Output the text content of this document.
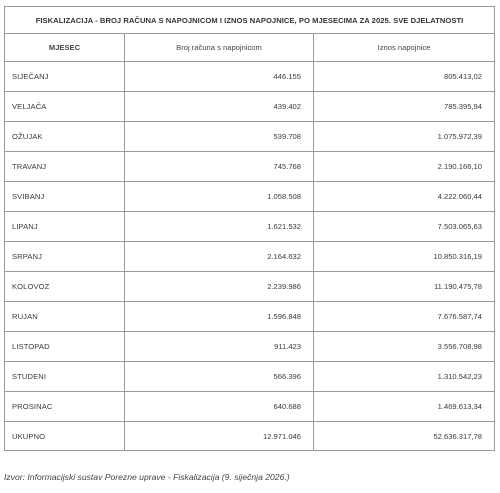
FISKALIZACIJA - BROJ RAČUNA S NAPOJNICOM I IZNOS NAPOJNICE, PO MJESECIMA ZA 2025. SVE DJELATNOSTI		
MJESEC	Broj računa s napojnicom	Iznos napojnice
SIJEČANJ	446.155	805.413,02
VELJAČA	439.402	785.395,94
OŽUJAK	539.708	1.075.972,39
TRAVANJ	745.768	2.190.166,10
SVIBANJ	1.058.508	4.222.060,44
LIPANJ	1.621.532	7.503.065,63
SRPANJ	2.164.632	10.850.316,19
KOLOVOZ	2.239.986	11.190.475,78
RUJAN	1.596.848	7.676.587,74
LISTOPAD	911.423	3.556.708,98
STUDENI	566.396	1.310.542,23
PROSINAC	640.688	1.469.613,34
UKUPNO	12.971.046	52.636.317,78
Izvor: Informacijski sustav Porezne uprave - Fiskalizacija (9. siječnja 2026.)
